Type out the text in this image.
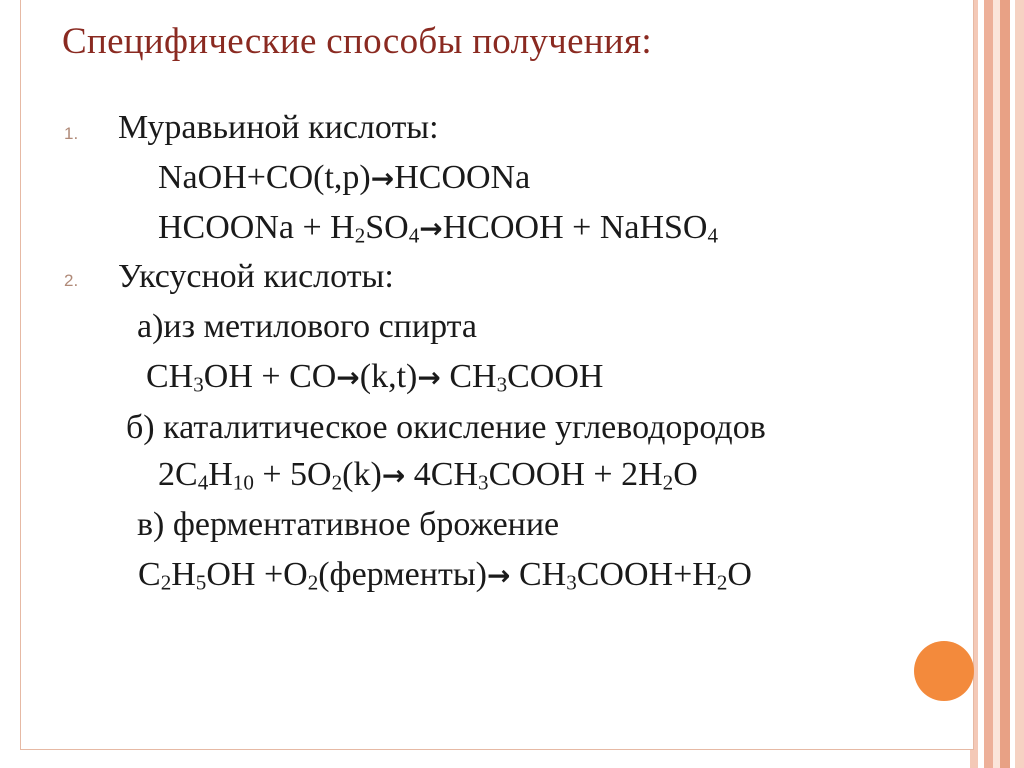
Специфические способы получения:
1. Муравьиной кислоты:
NaOH+CO(t,p)→HCOONa
HCOONa + $H_2SO_4\to HCOOH$ + NaHSO$_4$
2. Уксусной кислоты:
а)из метилового спирта
$CH_3OH + CO\to(k,t)\to$ $CH_3COOH$
б) каталитическое окисление углеводородов
$2C_4H_{10} + 5O_2(k)\to$ $4CH_3COOH + 2H_2O$
в) ферментативное брожение
$C_2H_5OH$ $+O_2(ферменты)\to$ $CH_3COOH+H_2O$
